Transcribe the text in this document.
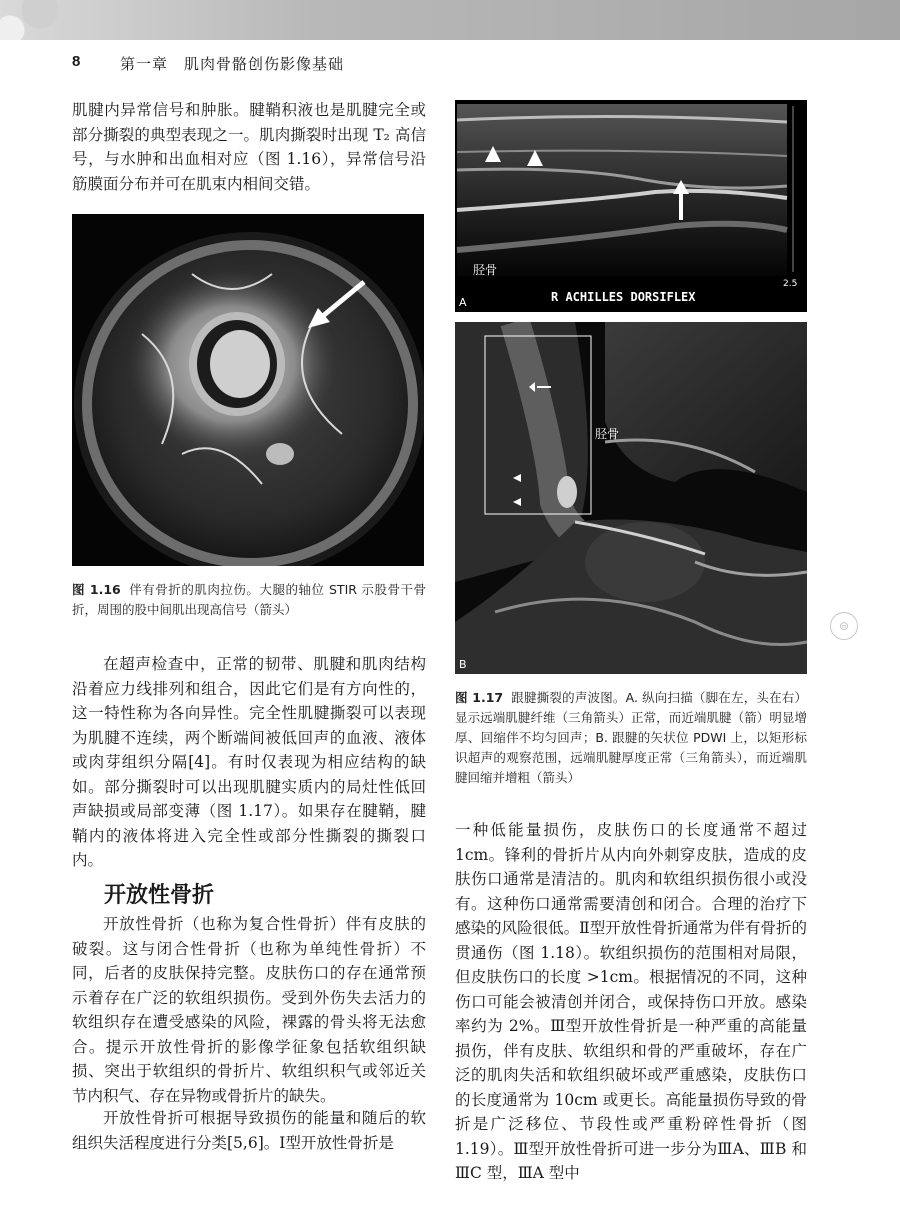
8	第一章　肌肉骨骼创伤影像基础

肌腱内异常信号和肿胀。腱鞘积液也是肌腱完全或部分撕裂的典型表现之一。肌肉撕裂时出现 T₂ 高信号，与水肿和出血相对应（图 1.16），异常信号沿筋膜面分布并可在肌束内相间交错。

图 1.16 伴有骨折的肌肉拉伤。大腿的轴位 STIR 示股骨干骨折，周围的股中间肌出现高信号（箭头）

在超声检查中，正常的韧带、肌腱和肌肉结构沿着应力线排列和组合，因此它们是有方向性的，这一特性称为各向异性。完全性肌腱撕裂可以表现为肌腱不连续，两个断端间被低回声的血液、液体或肉芽组织分隔[4]。有时仅表现为相应结构的缺如。部分撕裂时可以出现肌腱实质内的局灶性低回声缺损或局部变薄（图 1.17）。如果存在腱鞘，腱鞘内的液体将进入完全性或部分性撕裂的撕裂口内。

开放性骨折

开放性骨折（也称为复合性骨折）伴有皮肤的破裂。这与闭合性骨折（也称为单纯性骨折）不同，后者的皮肤保持完整。皮肤伤口的存在通常预示着存在广泛的软组织损伤。受到外伤失去活力的软组织存在遭受感染的风险，裸露的骨头将无法愈合。提示开放性骨折的影像学征象包括软组织缺损、突出于软组织的骨折片、软组织积气或邻近关节内积气、存在异物或骨折片的缺失。

开放性骨折可根据导致损伤的能量和随后的软组织失活程度进行分类[5,6]。Ⅰ型开放性骨折是

胫骨
2.5
A	R ACHILLES DORSIFLEX
胫骨
B

图 1.17 跟腱撕裂的声波图。A. 纵向扫描（脚在左，头在右）显示远端肌腱纤维（三角箭头）正常，而近端肌腱（箭）明显增厚、回缩伴不均匀回声；B. 跟腱的矢状位 PDWI 上，以矩形标识超声的观察范围，远端肌腱厚度正常（三角箭头），而近端肌腱回缩并增粗（箭头）

一种低能量损伤，皮肤伤口的长度通常不超过 1cm。锋利的骨折片从内向外刺穿皮肤，造成的皮肤伤口通常是清洁的。肌肉和软组织损伤很小或没有。这种伤口通常需要清创和闭合。合理的治疗下感染的风险很低。Ⅱ型开放性骨折通常为伴有骨折的贯通伤（图 1.18）。软组织损伤的范围相对局限，但皮肤伤口的长度 >1cm。根据情况的不同，这种伤口可能会被清创并闭合，或保持伤口开放。感染率约为 2%。Ⅲ型开放性骨折是一种严重的高能量损伤，伴有皮肤、软组织和骨的严重破坏，存在广泛的肌肉失活和软组织破坏或严重感染，皮肤伤口的长度通常为 10cm 或更长。高能量损伤导致的骨折是广泛移位、节段性或严重粉碎性骨折（图 1.19）。Ⅲ型开放性骨折可进一步分为ⅢA、ⅢB 和ⅢC 型，ⅢA 型中

⊜
